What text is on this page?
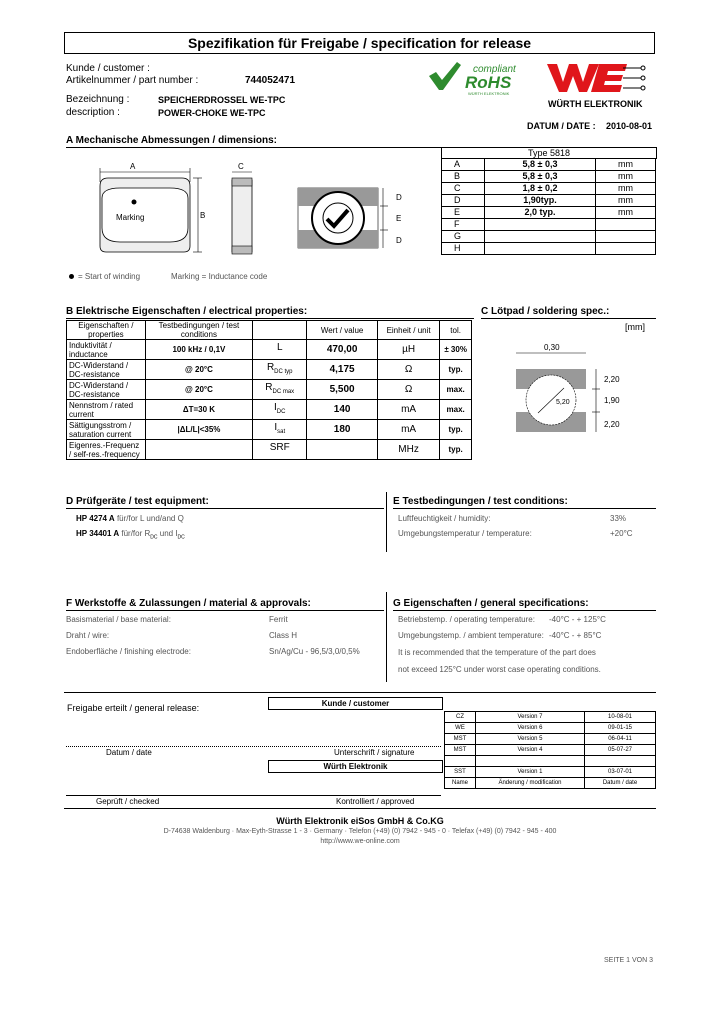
Spezifikation für Freigabe / specification for release
Kunde / customer :
Artikelnummer / part number :	744052471
Bezeichnung :	SPEICHERDROSSEL WE-TPC
description :	POWER-CHOKE WE-TPC
compliant
RoHS
WÜRTH ELEKTRONIK
WÜRTH ELEKTRONIK
DATUM / DATE : 2010-08-01
A Mechanische Abmessungen / dimensions:
A
Marking	B
C
D
E
D
= Start of winding	Marking = Inductance code
Type 5818
A	5,8 ± 0,3	mm
B	5,8 ± 0,3	mm
C	1,8 ± 0,2	mm
D	1,90typ.	mm
E	2,0 typ.	mm
F		
G		
H		
B Elektrische Eigenschaften / electrical properties:
Eigenschaften / properties	Testbedingungen / test conditions		Wert / value	Einheit / unit	tol.
Induktivität / inductance	100 kHz / 0,1V	L	470,00	µH	± 30%
DC-Widerstand / DC-resistance	@ 20°C	$R_{DC typ}$	4,175	Ω	typ.
DC-Widerstand / DC-resistance	@ 20°C	$R_{DC max}$	5,500	Ω	max.
Nennstrom / rated current	ΔT=30 K	$I_{DC}$	140	mA	max.
Sättigungsstrom / saturation current	|ΔL/L|<35%	$I_{sat}$	180	mA	typ.
Eigenres.-Frequenz / self-res.-frequency		SRF		MHz	typ.
C Lötpad / soldering spec.:
[mm]
0,30
5,20
2,20
1,90
2,20
D Prüfgeräte / test equipment:
HP 4274 A für/for L und/and Q
HP 34401 A für/for $R_{DC}$ und $I_{DC}$
E Testbedingungen / test conditions:
Luftfeuchtigkeit / humidity:	33%
Umgebungstemperatur / temperature:	+20°C
F Werkstoffe & Zulassungen / material & approvals:
Basismaterial / base material:	Ferrit
Draht / wire:	Class H
Endoberfläche / finishing electrode:	Sn/Ag/Cu - 96,5/3,0/0,5%
G Eigenschaften / general specifications:
Betriebstemp. / operating temperature: -40°C - + 125°C
Umgebungstemp. / ambient temperature: -40°C - + 85°C
It is recommended that the temperature of the part does
not exceed 125°C under worst case operating conditions.
Freigabe erteilt / general release:	Kunde / customer
Datum / date	Unterschrift / signature
Würth Elektronik
Geprüft / checked	Kontrolliert / approved
CZ	Version 7	10-08-01
WE	Version 6	09-01-15
MST	Version 5	06-04-11
MST	Version 4	05-07-27

SST	Version 1	03-07-01
Name	Änderung / modification	Datum / date
Würth Elektronik eiSos GmbH & Co.KG
D-74638 Waldenburg · Max-Eyth-Strasse 1 - 3 · Germany · Telefon (+49) (0) 7942 - 945 - 0 · Telefax (+49) (0) 7942 - 945 - 400
http://www.we-online.com
SEITE 1 VON 3
